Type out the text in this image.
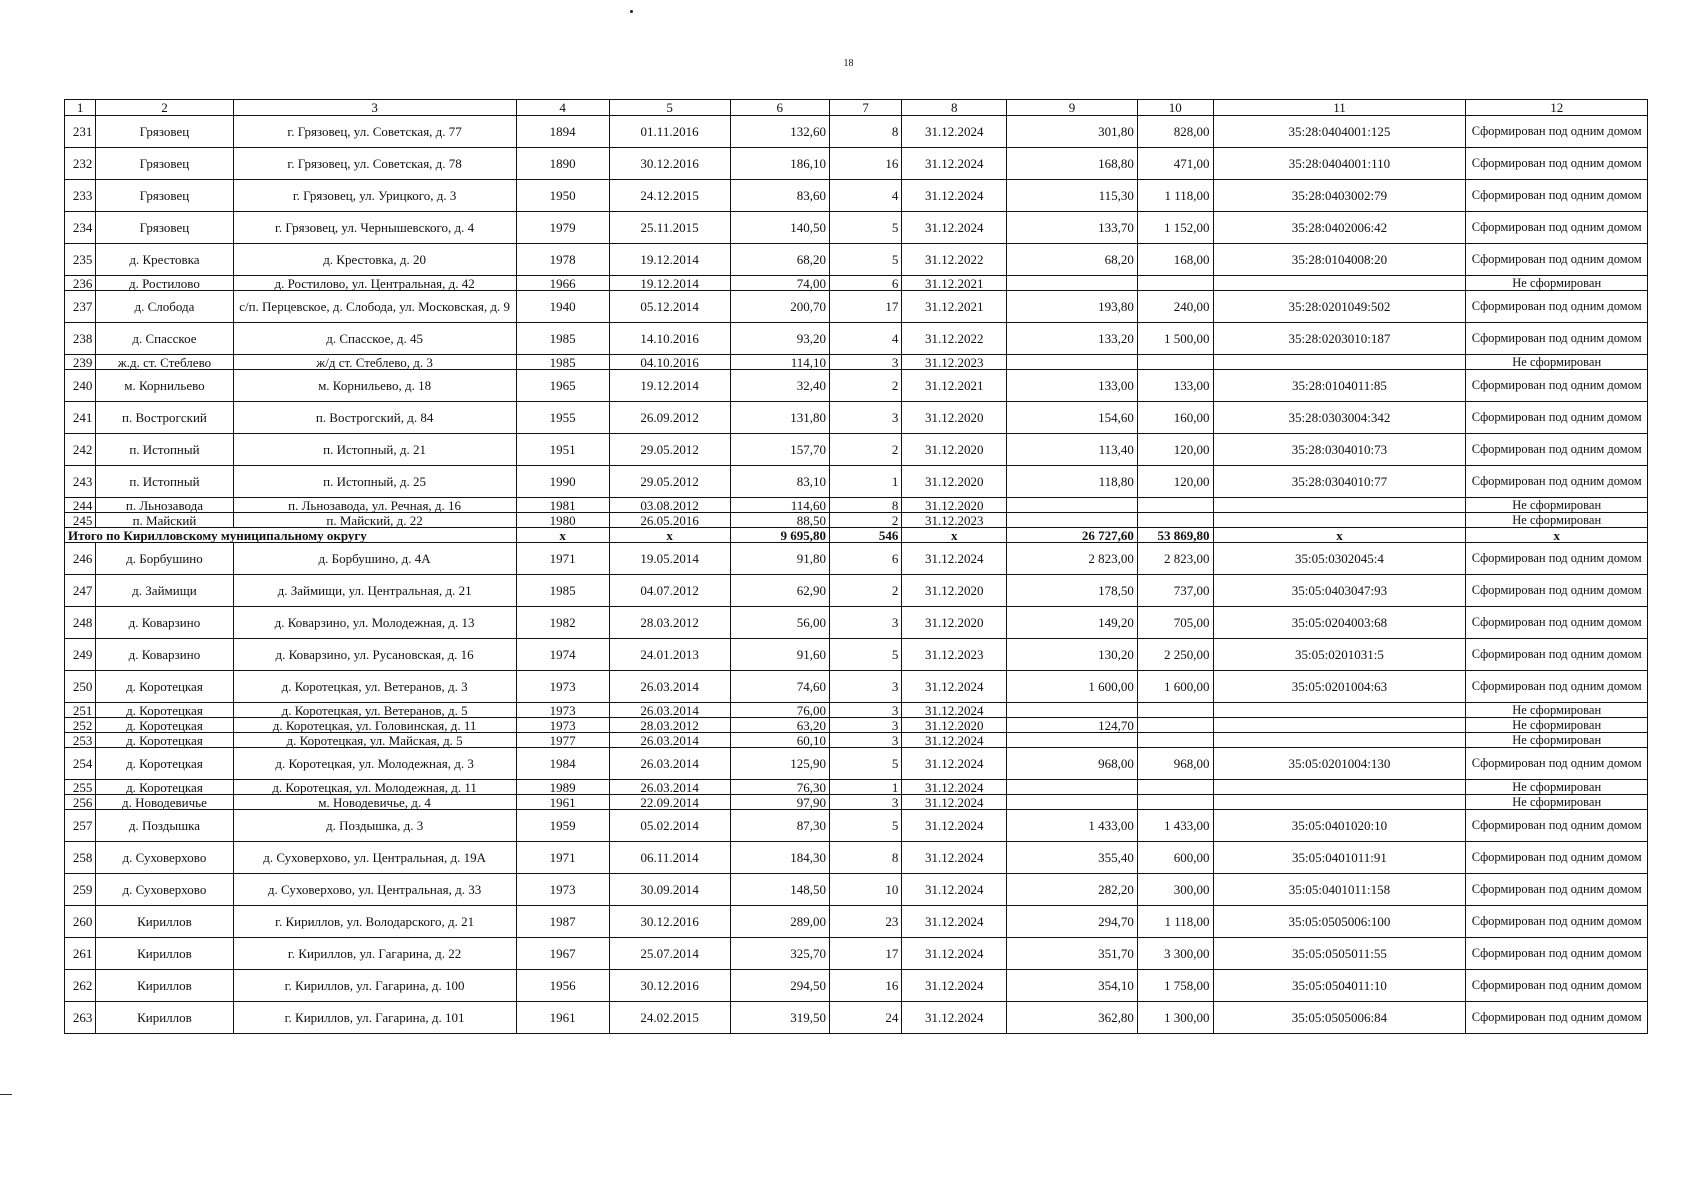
18
1	2	3	4	5	6	7	8	9	10	11	12
231	Грязовец	г. Грязовец, ул. Советская, д. 77	1894	01.11.2016	132,60	8	31.12.2024	301,80	828,00	35:28:0404001:125	Сформирован под одним домом
232	Грязовец	г. Грязовец, ул. Советская, д. 78	1890	30.12.2016	186,10	16	31.12.2024	168,80	471,00	35:28:0404001:110	Сформирован под одним домом
233	Грязовец	г. Грязовец, ул. Урицкого, д. 3	1950	24.12.2015	83,60	4	31.12.2024	115,30	1 118,00	35:28:0403002:79	Сформирован под одним домом
234	Грязовец	г. Грязовец, ул. Чернышевского, д. 4	1979	25.11.2015	140,50	5	31.12.2024	133,70	1 152,00	35:28:0402006:42	Сформирован под одним домом
235	д. Крестовка	д. Крестовка, д. 20	1978	19.12.2014	68,20	5	31.12.2022	68,20	168,00	35:28:0104008:20	Сформирован под одним домом
236	д. Ростилово	д. Ростилово, ул. Центральная, д. 42	1966	19.12.2014	74,00	6	31.12.2021				Не сформирован
237	д. Слобода	с/п. Перцевское, д. Слобода, ул. Московская, д. 9	1940	05.12.2014	200,70	17	31.12.2021	193,80	240,00	35:28:0201049:502	Сформирован под одним домом
238	д. Спасское	д. Спасское, д. 45	1985	14.10.2016	93,20	4	31.12.2022	133,20	1 500,00	35:28:0203010:187	Сформирован под одним домом
239	ж.д. ст. Стеблево	ж/д ст. Стеблево, д. 3	1985	04.10.2016	114,10	3	31.12.2023				Не сформирован
240	м. Корнильево	м. Корнильево, д. 18	1965	19.12.2014	32,40	2	31.12.2021	133,00	133,00	35:28:0104011:85	Сформирован под одним домом
241	п. Вострогский	п. Вострогский, д. 84	1955	26.09.2012	131,80	3	31.12.2020	154,60	160,00	35:28:0303004:342	Сформирован под одним домом
242	п. Истопный	п. Истопный, д. 21	1951	29.05.2012	157,70	2	31.12.2020	113,40	120,00	35:28:0304010:73	Сформирован под одним домом
243	п. Истопный	п. Истопный, д. 25	1990	29.05.2012	83,10	1	31.12.2020	118,80	120,00	35:28:0304010:77	Сформирован под одним домом
244	п. Льнозавода	п. Льнозавода, ул. Речная, д. 16	1981	03.08.2012	114,60	8	31.12.2020				Не сформирован
245	п. Майский	п. Майский, д. 22	1980	26.05.2016	88,50	2	31.12.2023				Не сформирован
Итого по Кирилловскому муниципальному округу			x	x	9 695,80	546	x	26 727,60	53 869,80	x	x
246	д. Борбушино	д. Борбушино, д. 4А	1971	19.05.2014	91,80	6	31.12.2024	2 823,00	2 823,00	35:05:0302045:4	Сформирован под одним домом
247	д. Займищи	д. Займищи, ул. Центральная, д. 21	1985	04.07.2012	62,90	2	31.12.2020	178,50	737,00	35:05:0403047:93	Сформирован под одним домом
248	д. Коварзино	д. Коварзино, ул. Молодежная, д. 13	1982	28.03.2012	56,00	3	31.12.2020	149,20	705,00	35:05:0204003:68	Сформирован под одним домом
249	д. Коварзино	д. Коварзино, ул. Русановская, д. 16	1974	24.01.2013	91,60	5	31.12.2023	130,20	2 250,00	35:05:0201031:5	Сформирован под одним домом
250	д. Коротецкая	д. Коротецкая, ул. Ветеранов, д. 3	1973	26.03.2014	74,60	3	31.12.2024	1 600,00	1 600,00	35:05:0201004:63	Сформирован под одним домом
251	д. Коротецкая	д. Коротецкая, ул. Ветеранов, д. 5	1973	26.03.2014	76,00	3	31.12.2024				Не сформирован
252	д. Коротецкая	д. Коротецкая, ул. Головинская, д. 11	1973	28.03.2012	63,20	3	31.12.2020	124,70			Не сформирован
253	д. Коротецкая	д. Коротецкая, ул. Майская, д. 5	1977	26.03.2014	60,10	3	31.12.2024				Не сформирован
254	д. Коротецкая	д. Коротецкая, ул. Молодежная, д. 3	1984	26.03.2014	125,90	5	31.12.2024	968,00	968,00	35:05:0201004:130	Сформирован под одним домом
255	д. Коротецкая	д. Коротецкая, ул. Молодежная, д. 11	1989	26.03.2014	76,30	1	31.12.2024				Не сформирован
256	д. Новодевичье	м. Новодевичье, д. 4	1961	22.09.2014	97,90	3	31.12.2024				Не сформирован
257	д. Поздышка	д. Поздышка, д. 3	1959	05.02.2014	87,30	5	31.12.2024	1 433,00	1 433,00	35:05:0401020:10	Сформирован под одним домом
258	д. Суховерхово	д. Суховерхово, ул. Центральная, д. 19А	1971	06.11.2014	184,30	8	31.12.2024	355,40	600,00	35:05:0401011:91	Сформирован под одним домом
259	д. Суховерхово	д. Суховерхово, ул. Центральная, д. 33	1973	30.09.2014	148,50	10	31.12.2024	282,20	300,00	35:05:0401011:158	Сформирован под одним домом
260	Кириллов	г. Кириллов, ул. Володарского, д. 21	1987	30.12.2016	289,00	23	31.12.2024	294,70	1 118,00	35:05:0505006:100	Сформирован под одним домом
261	Кириллов	г. Кириллов, ул. Гагарина, д. 22	1967	25.07.2014	325,70	17	31.12.2024	351,70	3 300,00	35:05:0505011:55	Сформирован под одним домом
262	Кириллов	г. Кириллов, ул. Гагарина, д. 100	1956	30.12.2016	294,50	16	31.12.2024	354,10	1 758,00	35:05:0504011:10	Сформирован под одним домом
263	Кириллов	г. Кириллов, ул. Гагарина, д. 101	1961	24.02.2015	319,50	24	31.12.2024	362,80	1 300,00	35:05:0505006:84	Сформирован под одним домом
